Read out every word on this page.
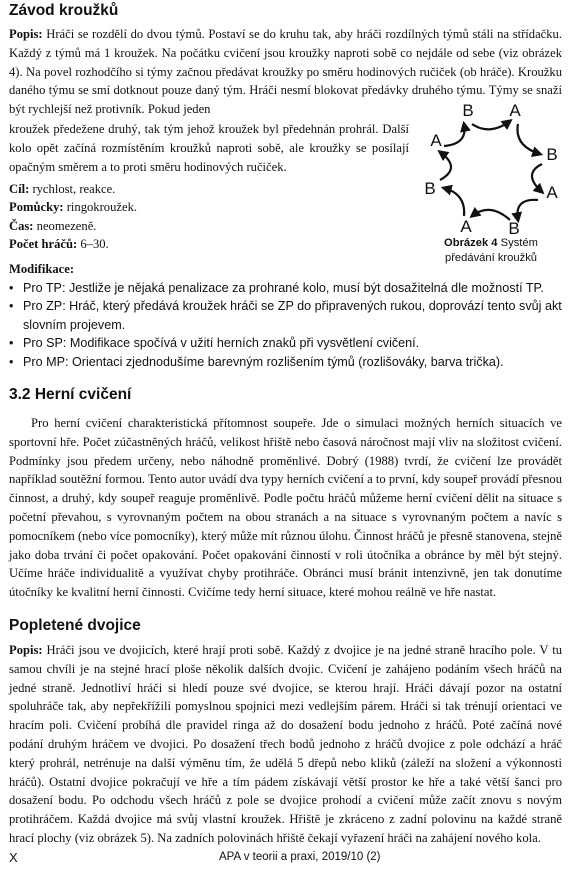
Závod kroužků

Popis: Hráči se rozdělí do dvou týmů. Postaví se do kruhu tak, aby hráči rozdílných týmů stáli na střídačku. Každý z týmů má 1 kroužek. Na počátku cvičení jsou kroužky naproti sobě co nejdále od sebe (viz obrázek 4). Na povel rozhodčího si týmy začnou předávat kroužky po směru hodinových ručiček (ob hráče). Kroužku daného týmu se smí dotknout pouze daný tým. Hráči nesmí blokovat předávky druhého týmu. Týmy se snaží být rychlejší než protivník. Pokud jeden

kroužek předežene druhý, tak tým jehož kroužek byl předehnán prohrál. Další kolo opět začíná rozmístěním kroužků naproti sobě, ale kroužky se posílají opačným směrem a to proti směru hodinových ručiček.

Cíl: rychlost, reakce.
Pomůcky: ringokroužek.
Čas: neomezeně.
Počet hráčů: 6–30.
B A
A
B
B	A
A B
Obrázek 4 Systém předávání kroužků
Modifikace:
• Pro TP: Jestliže je nějaká penalizace za prohrané kolo, musí být dosažitelná dle možností TP.
• Pro ZP: Hráč, který předává kroužek hráči se ZP do připravených rukou, doprovází tento svůj akt slovním projevem.
• Pro SP: Modifikace spočívá v užití herních znaků při vysvětlení cvičení.
• Pro MP: Orientaci zjednodušíme barevným rozlišením týmů (rozlišováky, barva trička).
3.2 Herní cvičení

Pro herní cvičení charakteristická přítomnost soupeře. Jde o simulaci možných herních situacích ve sportovní hře. Počet zúčastněných hráčů, velikost hřiště nebo časová náročnost mají vliv na složitost cvičení. Podmínky jsou předem určeny, nebo náhodně proměnlivé. Dobrý (1988) tvrdí, že cvičení lze provádět například soutěžní formou. Tento autor uvádí dva typy herních cvičení a to první, kdy soupeř provádí přesnou činnost, a druhý, kdy soupeř reaguje proměnlivě. Podle počtu hráčů můžeme herní cvičení dělit na situace s početní převahou, s vyrovnaným počtem na obou stranách a na situace s vyrovnaným počtem a navíc s pomocníkem (nebo více pomocníky), který může mít různou úlohu. Činnost hráčů je přesně stanovena, stejně jako doba trvání či počet opakování. Počet opakování činností v roli útočníka a obránce by měl být stejný. Učíme hráče individualitě a využívat chyby protihráče. Obránci musí bránit intenzivně, jen tak donutíme útočníky ke kvalitní herní činnosti. Cvičíme tedy herní situace, které mohou reálně ve hře nastat.

Popletené dvojice

Popis: Hráči jsou ve dvojicích, které hrají proti sobě. Každý z dvojice je na jedné straně hracího pole. V tu samou chvíli je na stejné hrací ploše několik dalších dvojic. Cvičení je zahájeno podáním všech hráčů na jedné straně. Jednotliví hráči si hledí pouze své dvojice, se kterou hrají. Hráči dávají pozor na ostatní spoluhráče tak, aby nepřekřížili pomyslnou spojnici mezi vedlejším párem. Hráči si tak trénují orientaci ve hracím poli. Cvičení probíhá dle pravidel ringa až do dosažení bodu jednoho z hráčů. Poté začíná nové podání druhým hráčem ve dvojici. Po dosažení třech bodů jednoho z hráčů dvojice z pole odchází a hráč který prohrál, netrénuje na další výměnu tím, že udělá 5 dřepů nebo kliků (záleží na složení a výkonnosti hráčů). Ostatní dvojice pokračují ve hře a tím pádem získávají větší prostor ke hře a také větší šanci pro dosažení bodu. Po odchodu všech hráčů z pole se dvojice prohodí a cvičení může začít znovu s novým protihráčem. Každá dvojice má svůj vlastní kroužek. Hřiště je zkráceno z zadní polovinu na každé straně hrací plochy (viz obrázek 5). Na zadních polovinách hřiště čekají vyřazení hráči na zahájení nového kola.

X	APA v teorii a praxi, 2019/10 (2)
